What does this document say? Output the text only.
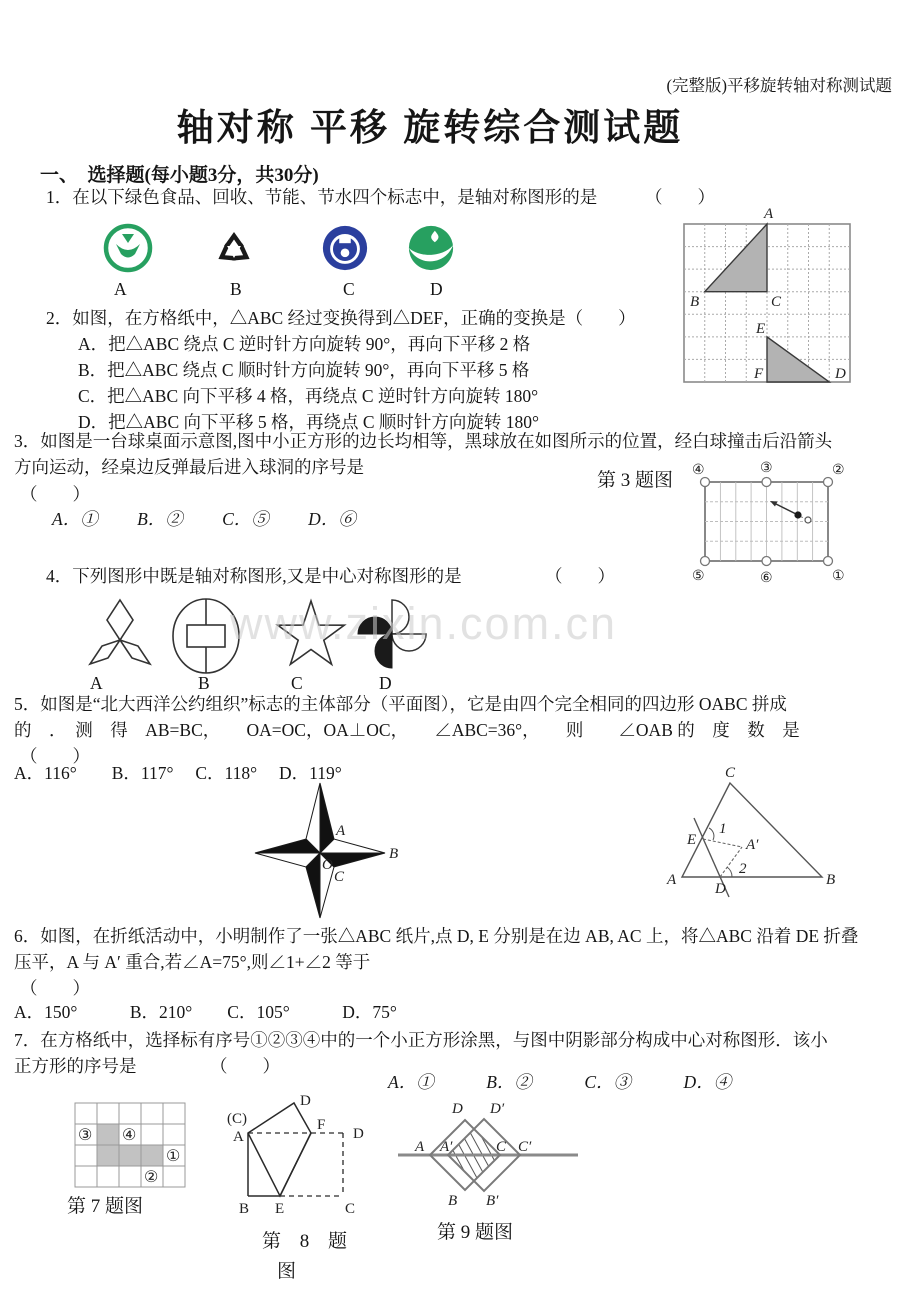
(完整版)平移旋转轴对称测试题
轴对称 平移 旋转综合测试题
一、　选择题(每小题3分，共30分)
1．在以下绿色食品、回收、节能、节水四个标志中，是轴对称图形的是	（　　）
A	B	C	D
2．如图，在方格纸中，△ABC 经过变换得到△DEF，正确的变换是（　　）
A．把△ABC 绕点 C 逆时针方向旋转 90°，再向下平移 2 格
B．把△ABC 绕点 C 顺时针方向旋转 90°，再向下平移 5 格
C．把△ABC 向下平移 4 格，再绕点 C 逆时针方向旋转 180°
D．把△ABC 向下平移 5 格，再绕点 C 顺时针方向旋转 180°
A
B	C
E
F	D
3．如图是一台球桌面示意图,图中小正方形的边长均相等，黑球放在如图所示的位置，经白球撞击后沿箭头
方向运动，经桌边反弹最后进入球洞的序号是
第 3 题图
（　　）
A．①　　 B．②　　 C．⑤　　 D．⑥
④	③	②
⑤	⑥	①
4．下列图形中既是轴对称图形,又是中心对称图形的是	（　　）
www.zixin.com.cn
A	B	C	D
5．如图是“北大西洋公约组织”标志的主体部分（平面图），它是由四个完全相同的四边形 OABC 拼成
的　．　测　得　AB=BC，　　OA=OC，OA⊥OC，　　∠ABC=36°，　　则　　∠OAB 的　度　数　是
（　　）
A．116°　　B．117°　 C．118°　 D．119°
A
B
O
C
C
E
1
A′
A
D
2
B
6．如图，在折纸活动中，小明制作了一张△ABC 纸片,点 D, E 分别是在边 AB, AC 上，将△ABC 沿着 DE 折叠
压平，A 与 A′ 重合,若∠A=75°,则∠1+∠2 等于
（　　）
A．150°　　　B．210°　　C．105°　　　D．75°
7．在方格纸中，选择标有序号①②③④中的一个小正方形涂黑，与图中阴影部分构成中心对称图形．该小
正方形的序号是	（　　）
A．①　　　B．②　　　C．③　　　D．④
③ ④
①
②
第 7 题图
(C)
A
D
F
D
B E	C
第 8 题
图
D D′
A A′	C C′
B B′
第 9 题图
